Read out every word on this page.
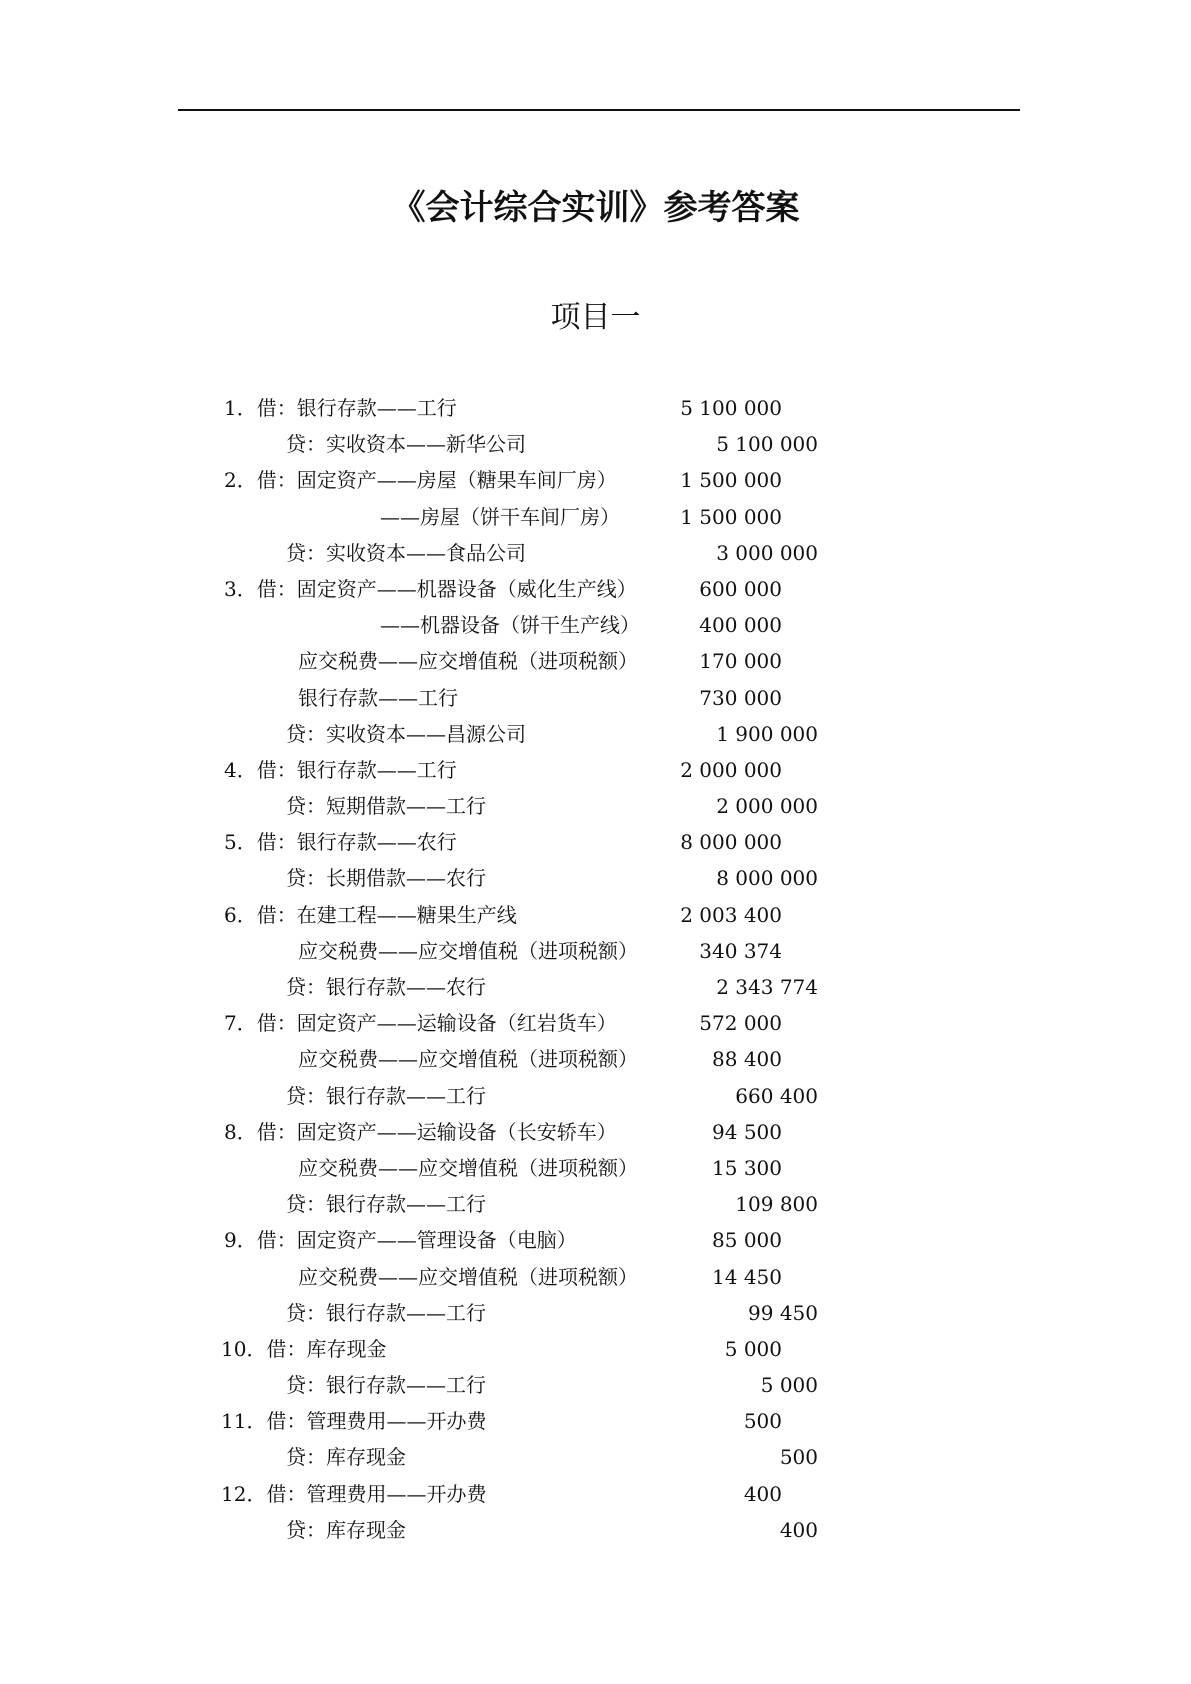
《会计综合实训》参考答案
项目一
1．借：银行存款——工行	5 100 000
贷：实收资本——新华公司	5 100 000
2．借：固定资产——房屋（糖果车间厂房）	1 500 000
——房屋（饼干车间厂房）	1 500 000
贷：实收资本——食品公司	3 000 000
3．借：固定资产——机器设备（威化生产线）	600 000
——机器设备（饼干生产线）	400 000
应交税费——应交增值税（进项税额）	170 000
银行存款——工行	730 000
贷：实收资本——昌源公司	1 900 000
4．借：银行存款——工行	2 000 000
贷：短期借款——工行	2 000 000
5．借：银行存款——农行	8 000 000
贷：长期借款——农行	8 000 000
6．借：在建工程——糖果生产线	2 003 400
应交税费——应交增值税（进项税额）	340 374
贷：银行存款——农行	2 343 774
7．借：固定资产——运输设备（红岩货车）	572 000
应交税费——应交增值税（进项税额）	88 400
贷：银行存款——工行	660 400
8．借：固定资产——运输设备（长安轿车）	94 500
应交税费——应交增值税（进项税额）	15 300
贷：银行存款——工行	109 800
9．借：固定资产——管理设备（电脑）	85 000
应交税费——应交增值税（进项税额）	14 450
贷：银行存款——工行	99 450
10．借：库存现金	5 000
贷：银行存款——工行	5 000
11．借：管理费用——开办费	500
贷：库存现金	500
12．借：管理费用——开办费	400
贷：库存现金	400
